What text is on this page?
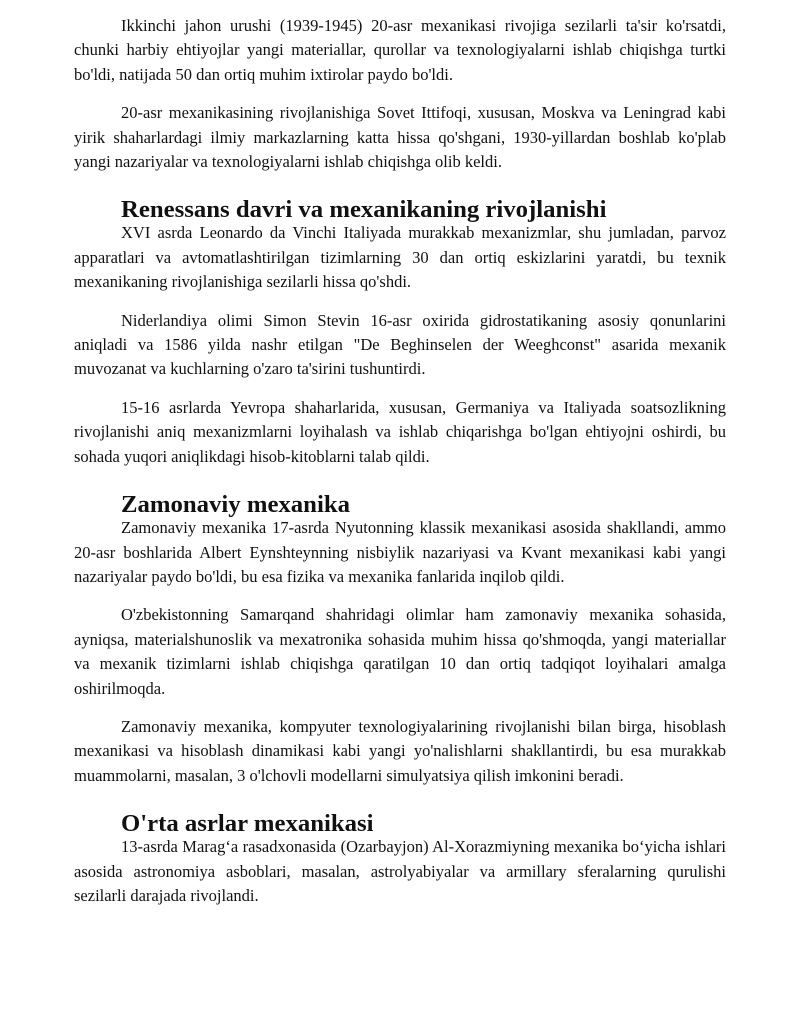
Ikkinchi jahon urushi (1939-1945) 20-asr mexanikasi rivojiga sezilarli ta'sir ko'rsatdi, chunki harbiy ehtiyojlar yangi materiallar, qurollar va texnologiyalarni ishlab chiqishga turtki bo'ldi, natijada 50 dan ortiq muhim ixtirolar paydo bo'ldi.

20-asr mexanikasining rivojlanishiga Sovet Ittifoqi, xususan, Moskva va Leningrad kabi yirik shaharlardagi ilmiy markazlarning katta hissa qo'shgani, 1930-yillardan boshlab ko'plab yangi nazariyalar va texnologiyalarni ishlab chiqishga olib keldi.

Renessans davri va mexanikaning rivojlanishi

XVI asrda Leonardo da Vinchi Italiyada murakkab mexanizmlar, shu jumladan, parvoz apparatlari va avtomatlashtirilgan tizimlarning 30 dan ortiq eskizlarini yaratdi, bu texnik mexanikaning rivojlanishiga sezilarli hissa qo'shdi.

Niderlandiya olimi Simon Stevin 16-asr oxirida gidrostatikaning asosiy qonunlarini aniqladi va 1586 yilda nashr etilgan "De Beghinselen der Weeghconst" asarida mexanik muvozanat va kuchlarning o'zaro ta'sirini tushuntirdi.

15-16 asrlarda Yevropa shaharlarida, xususan, Germaniya va Italiyada soatsozlikning rivojlanishi aniq mexanizmlarni loyihalash va ishlab chiqarishga bo'lgan ehtiyojni oshirdi, bu sohada yuqori aniqlikdagi hisob-kitoblarni talab qildi.

Zamonaviy mexanika

Zamonaviy mexanika 17-asrda Nyutonning klassik mexanikasi asosida shakllandi, ammo 20-asr boshlarida Albert Eynshteynning nisbiylik nazariyasi va Kvant mexanikasi kabi yangi nazariyalar paydo bo'ldi, bu esa fizika va mexanika fanlarida inqilob qildi.

O'zbekistonning Samarqand shahridagi olimlar ham zamonaviy mexanika sohasida, ayniqsa, materialshunoslik va mexatronika sohasida muhim hissa qo'shmoqda, yangi materiallar va mexanik tizimlarni ishlab chiqishga qaratilgan 10 dan ortiq tadqiqot loyihalari amalga oshirilmoqda.

Zamonaviy mexanika, kompyuter texnologiyalarining rivojlanishi bilan birga, hisoblash mexanikasi va hisoblash dinamikasi kabi yangi yo'nalishlarni shakllantirdi, bu esa murakkab muammolarni, masalan, 3 o'lchovli modellarni simulyatsiya qilish imkonini beradi.

O'rta asrlar mexanikasi

13-asrda Marag‘a rasadxonasida (Ozarbayjon) Al-Xorazmiyning mexanika bo‘yicha ishlari asosida astronomiya asboblari, masalan, astrolyabiyalar va armillary sferalarning qurulishi sezilarli darajada rivojlandi.
